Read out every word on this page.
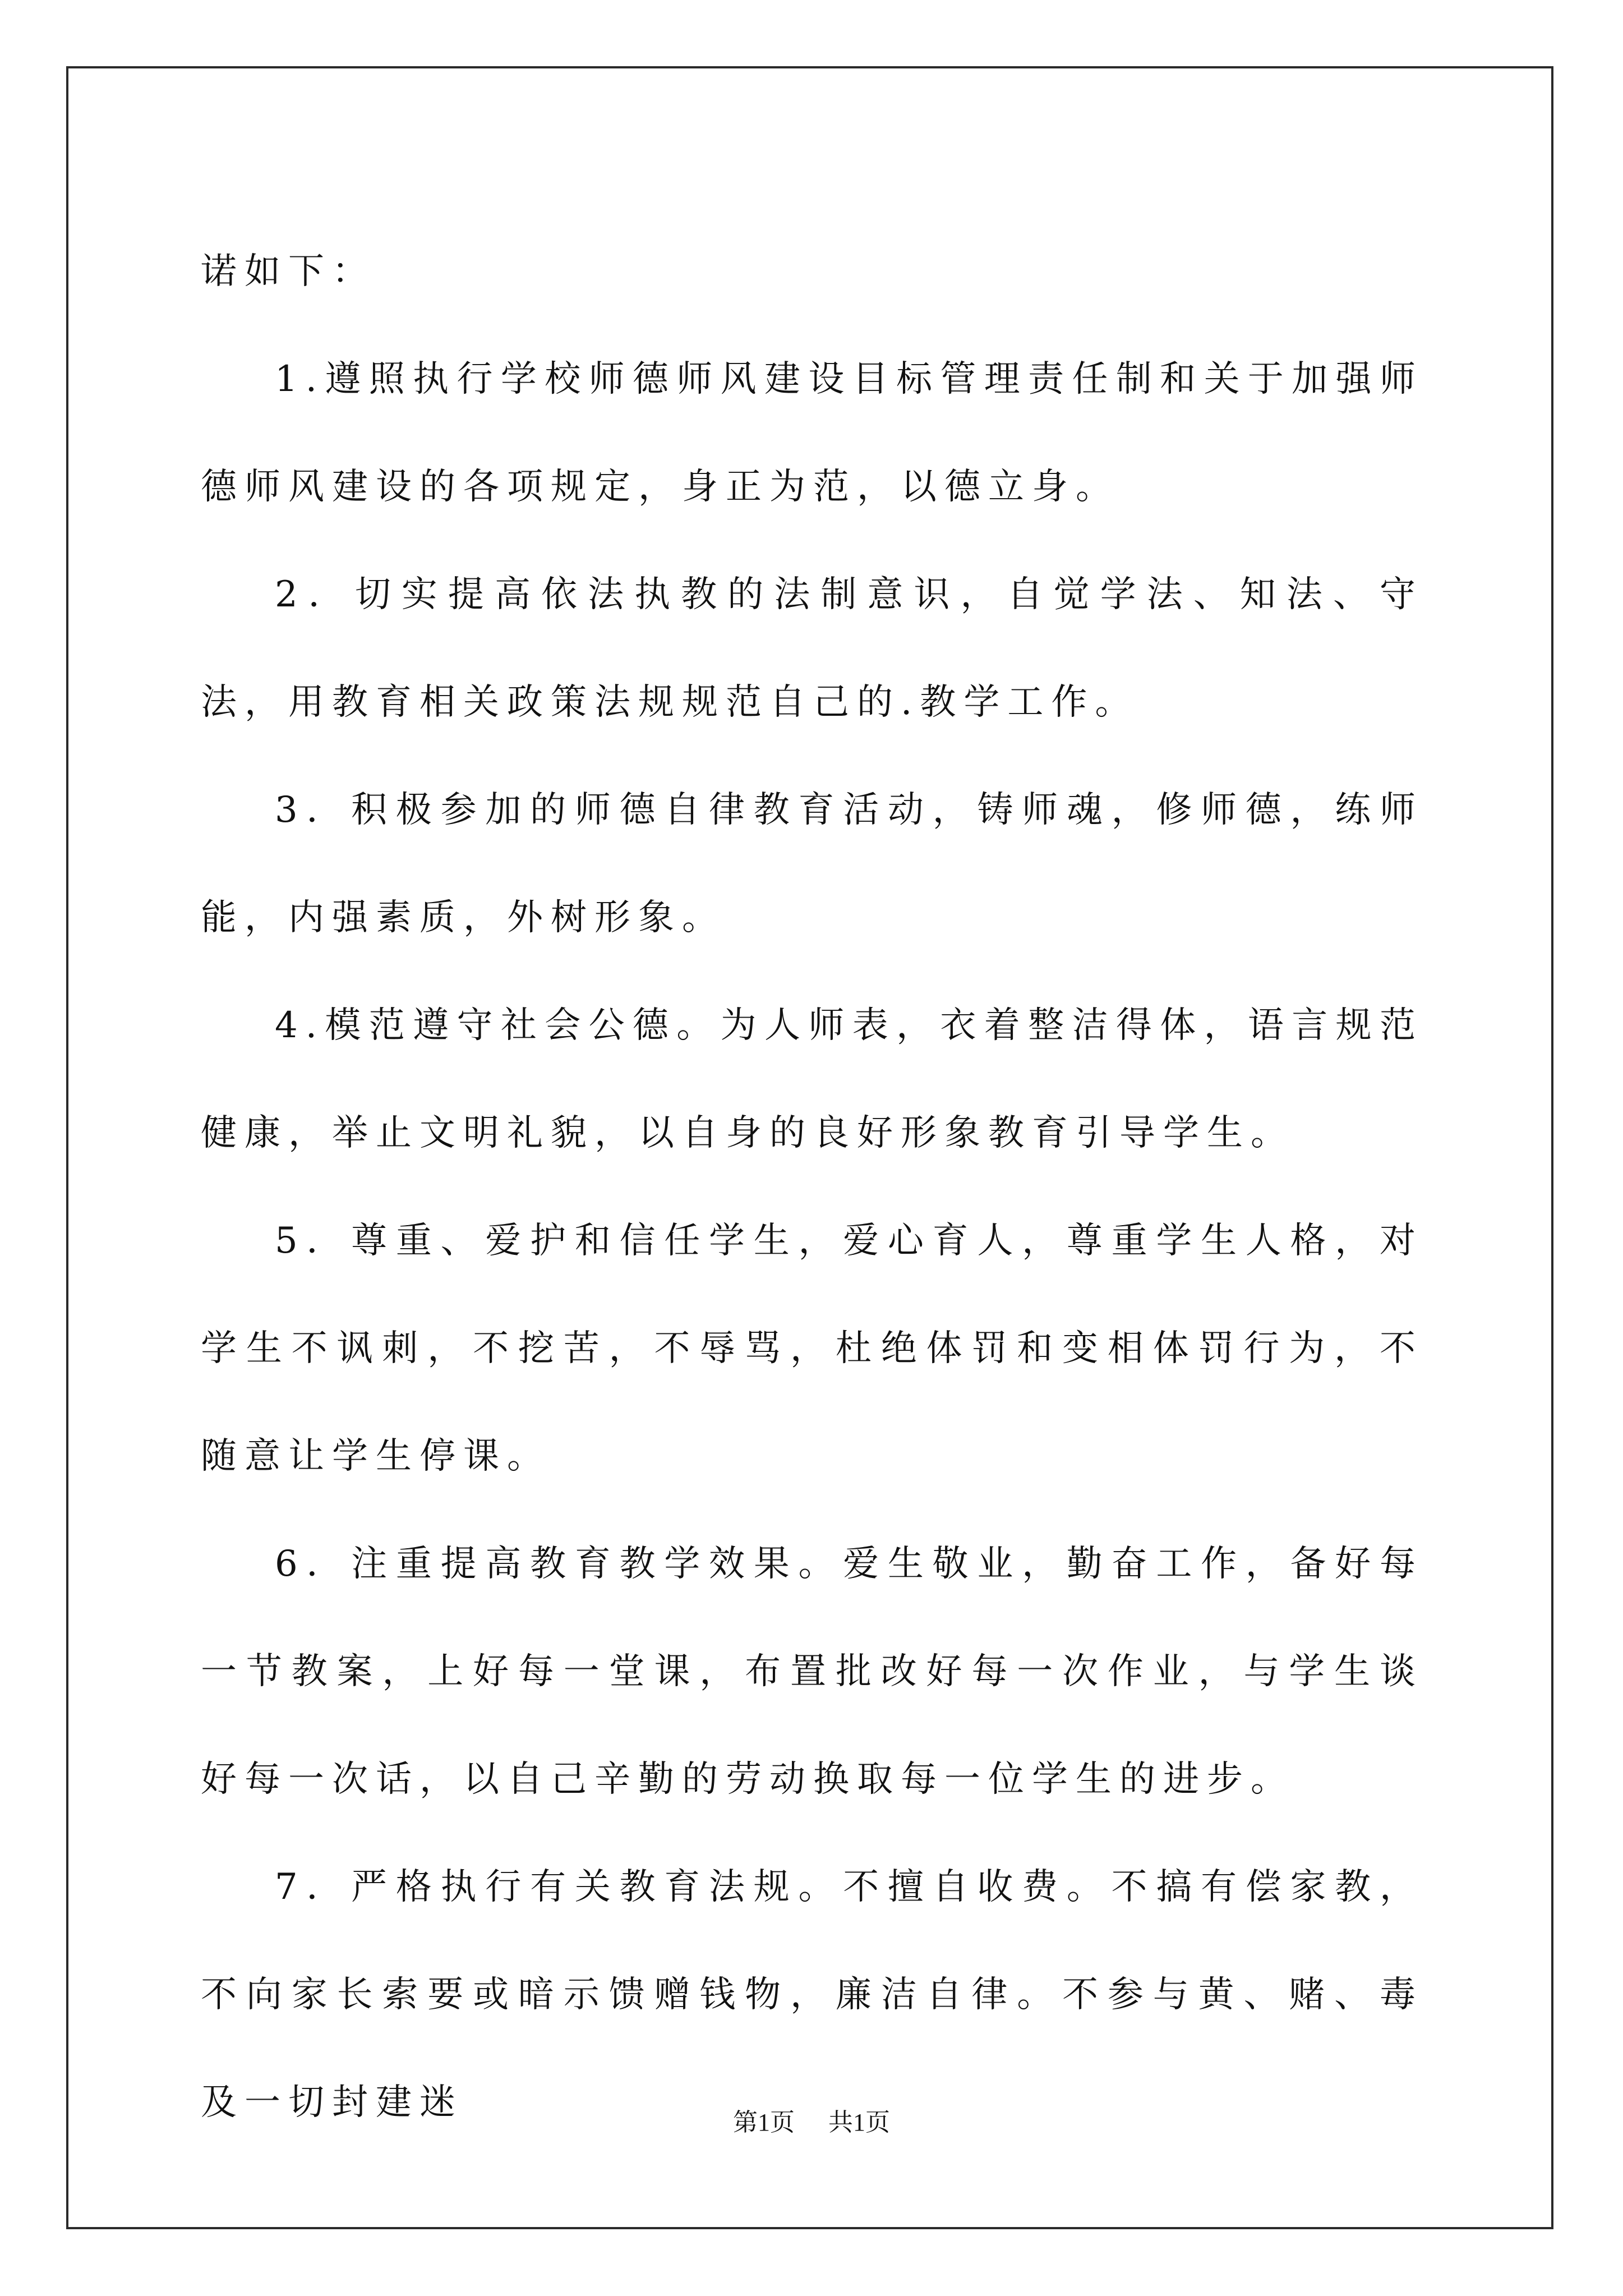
诺如下：

1.遵照执行学校师德师风建设目标管理责任制和关于加强师德师风建设的各项规定，身正为范，以德立身。

2．切实提高依法执教的法制意识，自觉学法、知法、守法，用教育相关政策法规规范自己的.教学工作。

3．积极参加的师德自律教育活动，铸师魂，修师德，练师能，内强素质，外树形象。

4.模范遵守社会公德。为人师表，衣着整洁得体，语言规范健康，举止文明礼貌，以自身的良好形象教育引导学生。

5．尊重、爱护和信任学生，爱心育人，尊重学生人格，对学生不讽刺，不挖苦，不辱骂，杜绝体罚和变相体罚行为，不随意让学生停课。

6．注重提高教育教学效果。爱生敬业，勤奋工作，备好每一节教案，上好每一堂课，布置批改好每一次作业，与学生谈好每一次话，以自己辛勤的劳动换取每一位学生的进步。

7．严格执行有关教育法规。不擅自收费。不搞有偿家教，不向家长索要或暗示馈赠钱物，廉洁自律。不参与黄、赌、毒及一切封建迷	第1页 共1页
